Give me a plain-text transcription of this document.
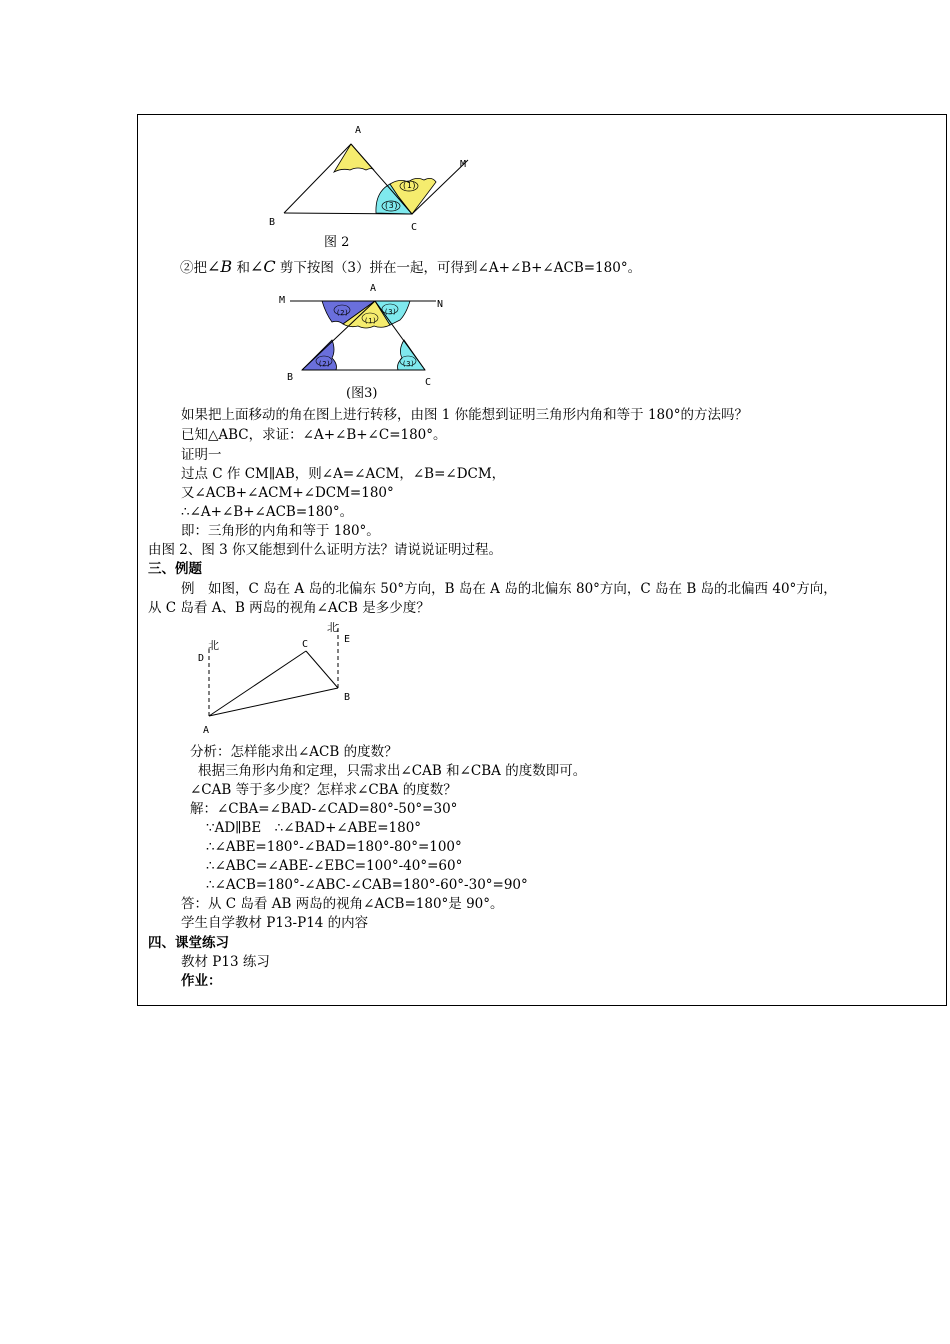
A
B	C
M
(1)
(3)
图 2
②把∠B 和∠C 剪下按图（3）拼在一起，可得到∠A+∠B+∠ACB=180°。
A
M	N
B	C
(2)
(1)
(3)
(2)	(3)
(图3)
如果把上面移动的角在图上进行转移，由图 1 你能想到证明三角形内角和等于 180°的方法吗？
已知△ABC，求证：∠A+∠B+∠C=180°。
证明一
过点 C 作 CM∥AB，则∠A=∠ACM，∠B=∠DCM，
又∠ACB+∠ACM+∠DCM=180°
∴∠A+∠B+∠ACB=180°。
即：三角形的内角和等于 180°。
由图 2、图 3 你又能想到什么证明方法？请说说证明过程。
三、例题
例　如图，C 岛在 A 岛的北偏东 50°方向，B 岛在 A 岛的北偏东 80°方向，C 岛在 B 岛的北偏西 40°方向，
从 C 岛看 A、B 两岛的视角∠ACB 是多少度？
北
北
D
E
C
A
B
分析：怎样能求出∠ACB 的度数？
根据三角形内角和定理，只需求出∠CAB 和∠CBA 的度数即可。
∠CAB 等于多少度？怎样求∠CBA 的度数？
解：∠CBA=∠BAD-∠CAD=80°-50°=30°
∵AD∥BE　∴∠BAD+∠ABE=180°
∴∠ABE=180°-∠BAD=180°-80°=100°
∴∠ABC=∠ABE-∠EBC=100°-40°=60°
∴∠ACB=180°-∠ABC-∠CAB=180°-60°-30°=90°
答：从 C 岛看 AB 两岛的视角∠ACB=180°是 90°。
学生自学教材 P13-P14 的内容
四、课堂练习
教材 P13 练习
作业：
